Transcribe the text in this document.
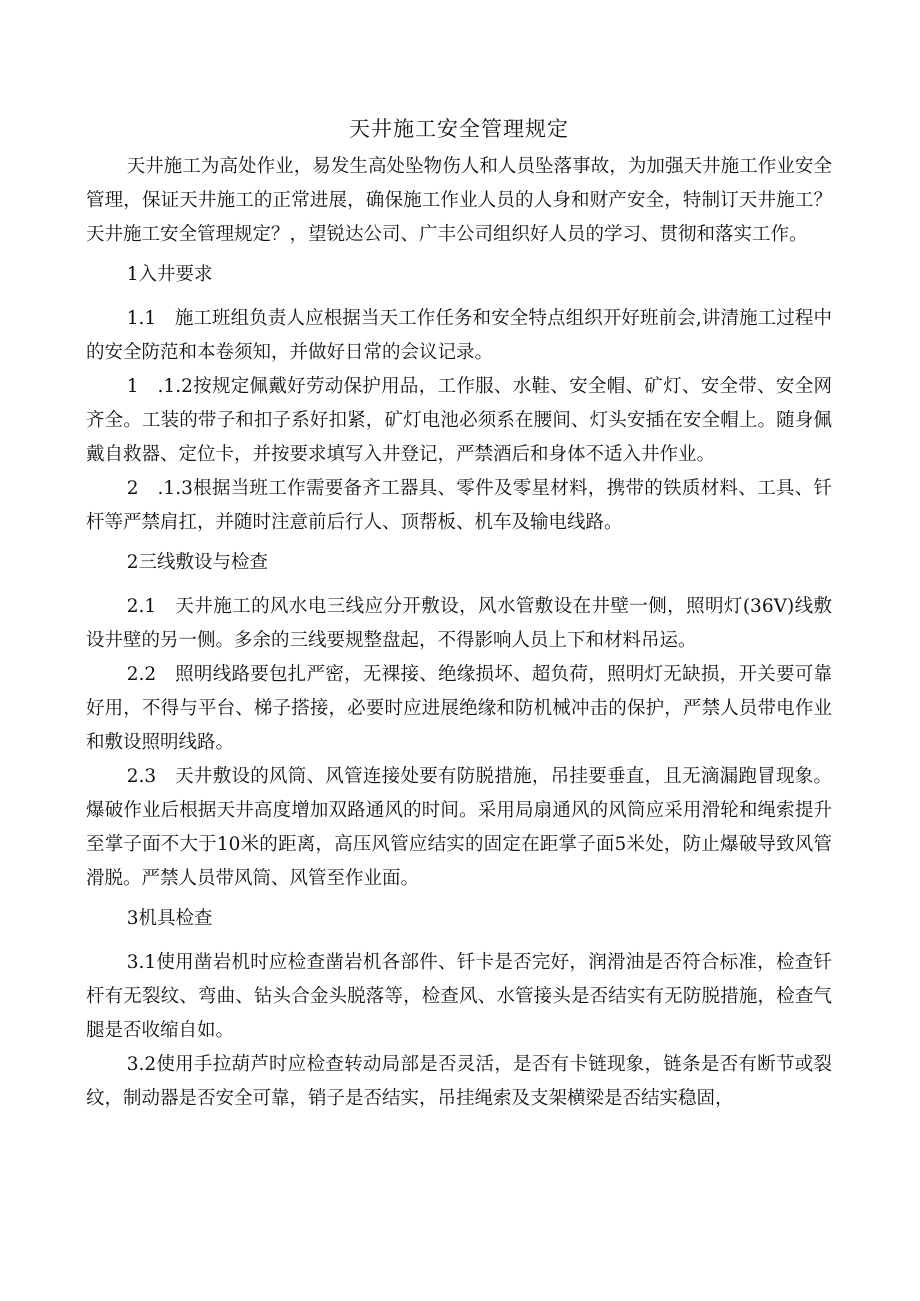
天井施工安全管理规定

天井施工为高处作业，易发生高处坠物伤人和人员坠落事故，为加强天井施工作业安全管理，保证天井施工的正常进展，确保施工作业人员的人身和财产安全，特制订天井施工？天井施工安全管理规定？，望锐达公司、广丰公司组织好人员的学习、贯彻和落实工作。

1入井要求

1.1　施工班组负责人应根据当天工作任务和安全特点组织开好班前会,讲清施工过程中的安全防范和本卷须知，并做好日常的会议记录。

1　.1.2按规定佩戴好劳动保护用品，工作服、水鞋、安全帽、矿灯、安全带、安全网齐全。工装的带子和扣子系好扣紧，矿灯电池必须系在腰间、灯头安插在安全帽上。随身佩戴自救器、定位卡，并按要求填写入井登记，严禁酒后和身体不适入井作业。

2　.1.3根据当班工作需要备齐工器具、零件及零星材料，携带的铁质材料、工具、钎杆等严禁肩扛，并随时注意前后行人、顶帮板、机车及输电线路。

2三线敷设与检查

2.1　天井施工的风水电三线应分开敷设，风水管敷设在井壁一侧，照明灯(36V)线敷设井壁的另一侧。多余的三线要规整盘起，不得影响人员上下和材料吊运。

2.2　照明线路要包扎严密，无裸接、绝缘损坏、超负荷，照明灯无缺损，开关要可靠好用，不得与平台、梯子搭接，必要时应进展绝缘和防机械冲击的保护，严禁人员带电作业和敷设照明线路。

2.3　天井敷设的风筒、风管连接处要有防脱措施，吊挂要垂直，且无滴漏跑冒现象。爆破作业后根据天井高度增加双路通风的时间。采用局扇通风的风筒应采用滑轮和绳索提升至掌子面不大于10米的距离，高压风管应结实的固定在距掌子面5米处，防止爆破导致风管滑脱。严禁人员带风筒、风管至作业面。

3机具检查

3.1使用凿岩机时应检查凿岩机各部件、钎卡是否完好，润滑油是否符合标准，检查钎杆有无裂纹、弯曲、钻头合金头脱落等，检查风、水管接头是否结实有无防脱措施，检查气腿是否收缩自如。

3.2使用手拉葫芦时应检查转动局部是否灵活，是否有卡链现象，链条是否有断节或裂纹，制动器是否安全可靠，销子是否结实，吊挂绳索及支架横梁是否结实稳固，
